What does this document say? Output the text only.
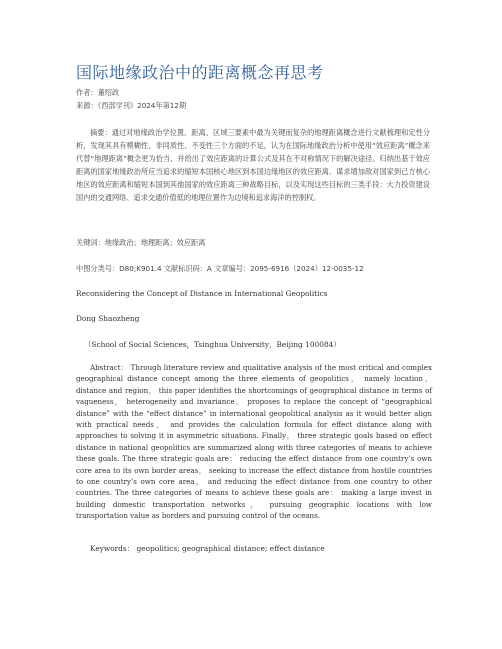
国际地缘政治中的距离概念再思考
作者：董绍政
来源：《西部学刊》2024年第12期
摘要：通过对地缘政治学位置、距离、区域三要素中最为关键而复杂的地理距离概念进行文献梳理和定性分析，发现其具有模糊性、非同质性、不变性三个方面的不足，认为在国际地缘政治分析中使用“效应距离”概念来代替“地理距离”概念更为恰当，并给出了效应距离的计算公式及其在不对称情况下的解决途径。归纳出基于效应距离的国家地缘政治所应当追求的缩短本国核心地区到本国边缘地区的效应距离、谋求增加敌对国家到己方核心地区的效应距离和缩短本国到其他国家的效应距离三种战略目标，以及实现这些目标的三类手段：大力投资建设国内的交通网络、追求交通价值低的地理位置作为边境和追求海洋的控制权。
关键词：地缘政治；地理距离；效应距离
中图分类号：D80;K901.4 文献标识码：A 文章编号：2095-6916（2024）12-0035-12
Reconsidering the Concept of Distance in International Geopolitics
Dong Shaozheng
（School of Social Sciences，Tsinghua University，Beijing 100084）
Abstract： Through literature review and qualitative analysis of the most critical and complex geographical distance concept among the three elements of geopolitics， namely location， distance and region， this paper identifies the shortcomings of geographical distance in terms of vagueness， heterogeneity and invariance， proposes to replace the concept of “geographical distance” with the “effect distance” in international geopolitical analysis as it would better align with practical needs， and provides the calculation formula for effect distance along with approaches to solving it in asymmetric situations. Finally， three strategic goals based on effect distance in national geopolitics are summarized along with three categories of means to achieve these goals. The three strategic goals are： reducing the effect distance from one country’s own core area to its own border areas， seeking to increase the effect distance from hostile countries to one country’s own core area， and reducing the effect distance from one country to other countries. The three categories of means to achieve these goals are： making a large invest in building domestic transportation networks， pursuing geographic locations with low transportation value as borders and pursuing control of the oceans.
Keywords： geopolitics; geographical distance; effect distance
